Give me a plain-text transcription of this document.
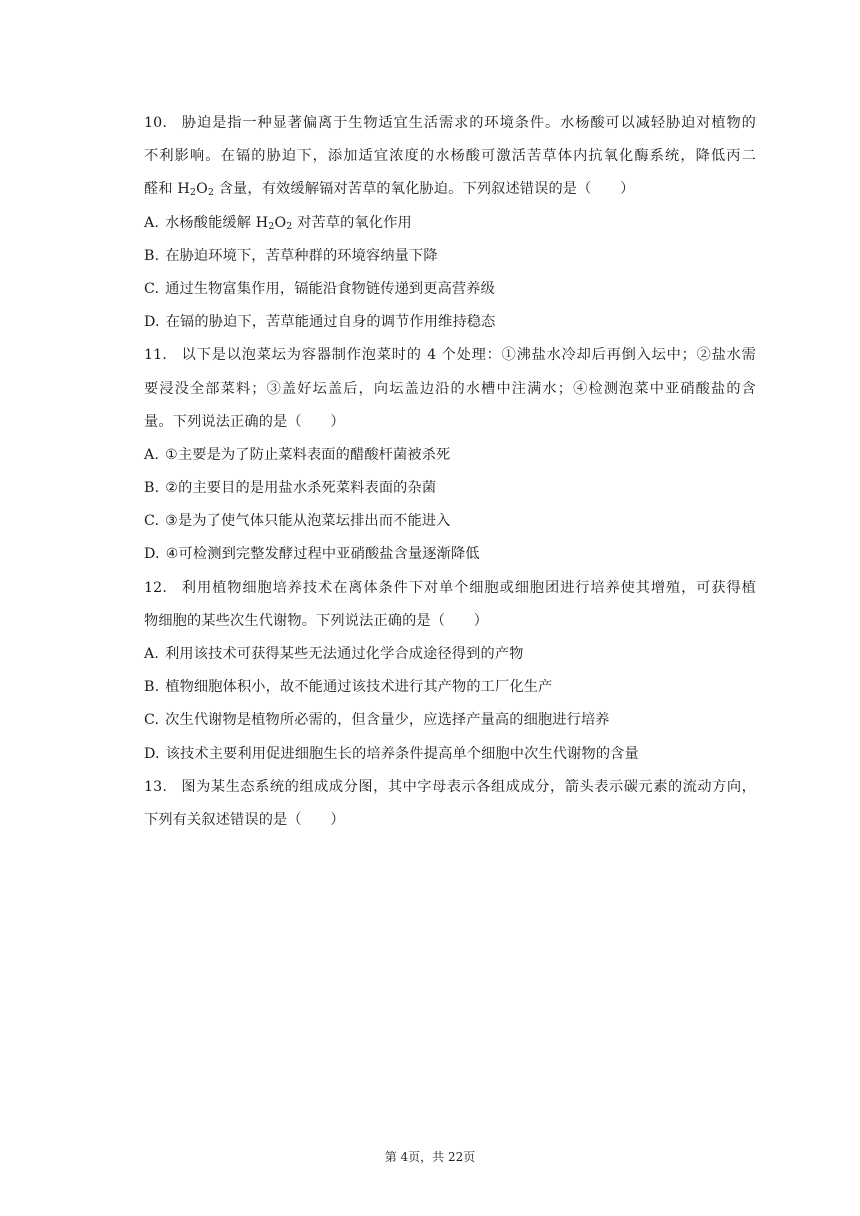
10. 胁迫是指一种显著偏离于生物适宜生活需求的环境条件。水杨酸可以减轻胁迫对植物的
不利影响。在镉的胁迫下，添加适宜浓度的水杨酸可激活苦草体内抗氧化酶系统，降低丙二
醛和 $H_2O_2$ 含量，有效缓解镉对苦草的氧化胁迫。下列叙述错误的是（　　）
A. 水杨酸能缓解 $H_2O_2$ 对苦草的氧化作用
B. 在胁迫环境下，苦草种群的环境容纳量下降
C. 通过生物富集作用，镉能沿食物链传递到更高营养级
D. 在镉的胁迫下，苦草能通过自身的调节作用维持稳态
11. 以下是以泡菜坛为容器制作泡菜时的 4 个处理：①沸盐水冷却后再倒入坛中；②盐水需
要浸没全部菜料；③盖好坛盖后，向坛盖边沿的水槽中注满水；④检测泡菜中亚硝酸盐的含
量。下列说法正确的是（　　）
A. ①主要是为了防止菜料表面的醋酸杆菌被杀死
B. ②的主要目的是用盐水杀死菜料表面的杂菌
C. ③是为了使气体只能从泡菜坛排出而不能进入
D. ④可检测到完整发酵过程中亚硝酸盐含量逐渐降低
12. 利用植物细胞培养技术在离体条件下对单个细胞或细胞团进行培养使其增殖，可获得植
物细胞的某些次生代谢物。下列说法正确的是（　　）
A. 利用该技术可获得某些无法通过化学合成途径得到的产物
B. 植物细胞体积小，故不能通过该技术进行其产物的工厂化生产
C. 次生代谢物是植物所必需的，但含量少，应选择产量高的细胞进行培养
D. 该技术主要利用促进细胞生长的培养条件提高单个细胞中次生代谢物的含量
13. 图为某生态系统的组成成分图，其中字母表示各组成成分，箭头表示碳元素的流动方向，
下列有关叙述错误的是（　　）
第 4页，共 22页
